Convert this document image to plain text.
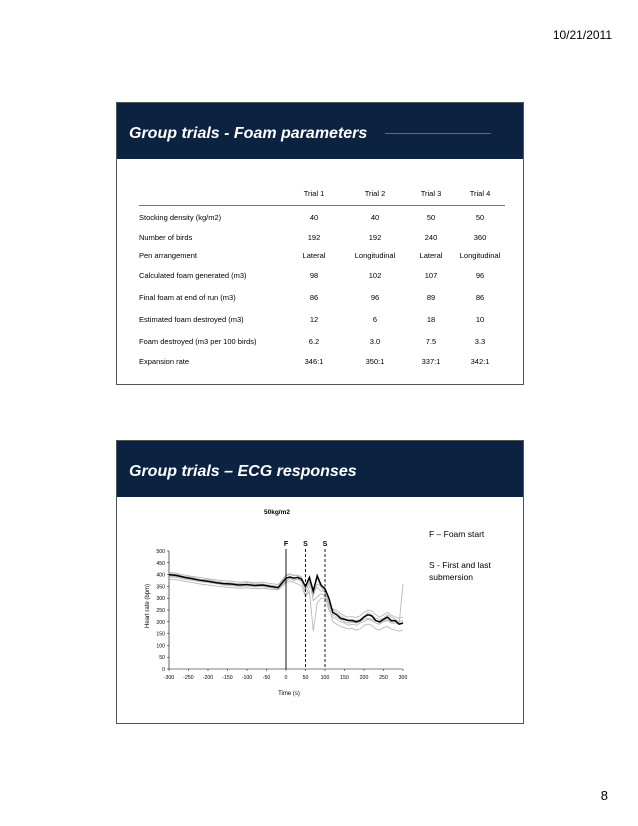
10/21/2011
Group trials - Foam parameters
	Trial 1	Trial 2	Trial 3	Trial 4
Stocking density (kg/m2)	40	40	50	50
Number of birds	192	192	240	360
Pen arrangement	Lateral	Longitudinal	Lateral	Longitudinal
Calculated foam generated (m3)	98	102	107	96
Final foam at end of run (m3)	86	96	89	86
Estimated foam destroyed (m3)	12	6	18	10
Foam destroyed (m3 per 100 birds)	6.2	3.0	7.5	3.3
Expansion rate	346:1	350:1	337:1	342:1
Group trials – ECG responses
50kg/m2
0
50
100
150
200
250
300
350
400
450
500
-300 -250 -200 -150 -100 -50	0	50 100 150 200 250 300
F S S
Time (s)
Heart rate (bpm)
F – Foam start
S - First and last submersion
8
